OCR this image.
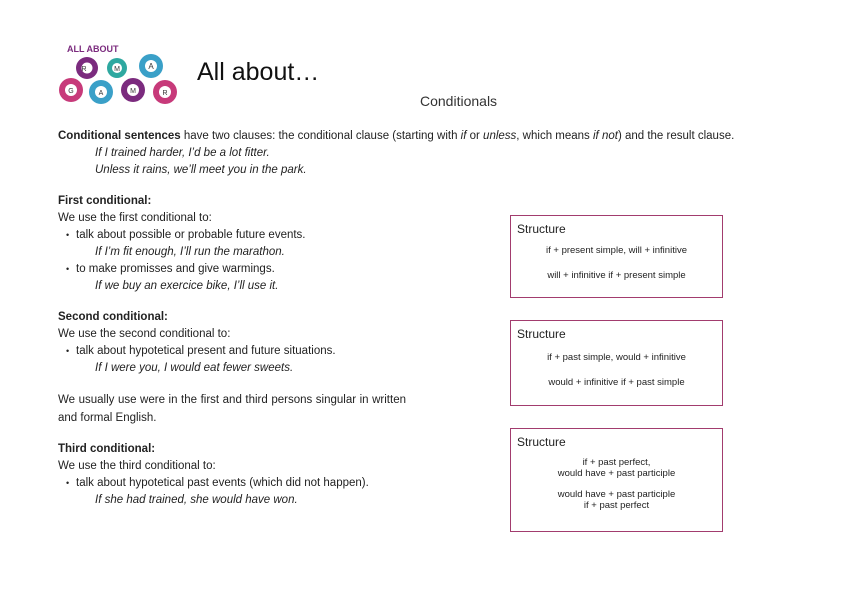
ALL ABOUT
R	M	A
G	A	M	R
All about…
Conditionals

Conditional sentences have two clauses: the conditional clause (starting with if or unless, which means if not) and the result clause.

If I trained harder, I’d be a lot fitter.
Unless it rains, we’ll meet you in the park.
First conditional:
We use the first conditional to:
• talk about possible or probable future events.
If I’m fit enough, I’ll run the marathon.
• to make promisses and give warmings.
If we buy an exercice bike, I’ll use it.
Second conditional:
We use the second conditional to:
• talk about hypotetical present and future situations.
If I were you, I would eat fewer sweets.
We usually use were in the first and third persons singular in written and formal English.
Third conditional:
We use the third conditional to:
• talk about hypotetical past events (which did not happen).
If she had trained, she would have won.
Structure
if + present simple, will + infinitive
will + infinitive if + present simple
Structure
if + past simple, would + infinitive
would + infinitive if + past simple
Structure
if + past perfect,
would have + past participle
would have + past participle
if + past perfect
